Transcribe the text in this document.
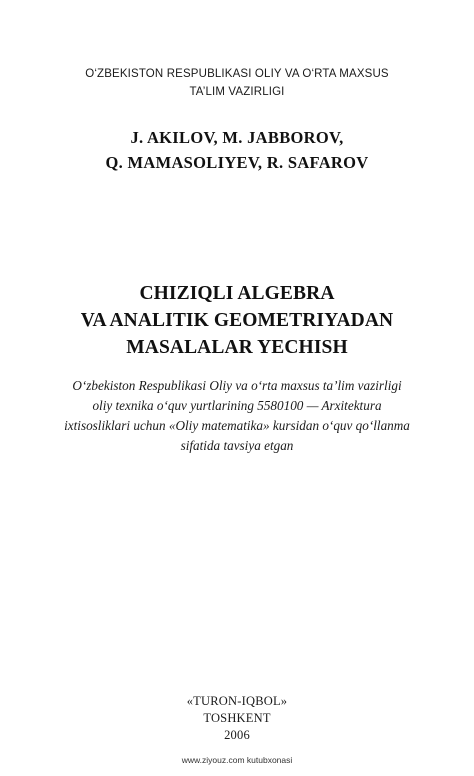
O‘ZBEKISTON RESPUBLIKASI OLIY VA O‘RTA MAXSUS
TA’LIM VAZIRLIGI
J. AKILOV, M. JABBOROV,
Q. MAMASOLIYEV, R. SAFAROV
CHIZIQLI ALGEBRA
VA ANALITIK GEOMETRIYADAN
MASALALAR YECHISH
O‘zbekiston Respublikasi Oliy va o‘rta maxsus ta’lim vazirligi
oliy texnika o‘quv yurtlarining 5580100 — Arxitektura
ixtisosliklari uchun «Oliy matematika» kursidan o‘quv qo‘llanma
sifatida tavsiya etgan
«TURON-IQBOL»
TOSHKENT
2006
www.ziyouz.com kutubxonasi
